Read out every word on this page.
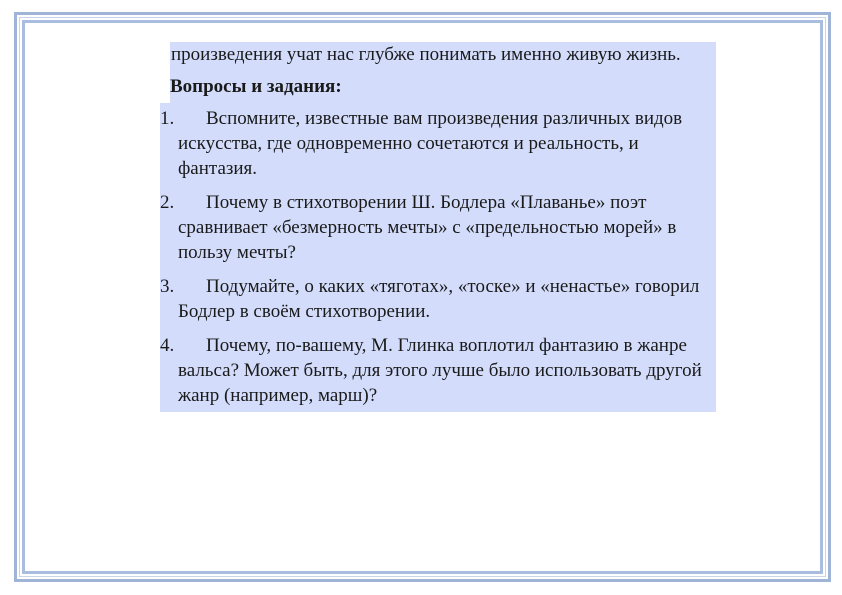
произведения учат нас глубже понимать именно живую жизнь.
Вопросы и задания:
1. Вспомните, известные вам произведения различных видов искусства, где одновременно сочетаются и реальность, и фантазия.
2. Почему в стихотворении Ш. Бодлера «Плаванье» поэт сравнивает «безмерность мечты» с «предельностью морей» в пользу мечты?
3. Подумайте, о каких «тяготах», «тоске» и «ненастье» говорил Бодлер в своём стихотворении.
4. Почему, по-вашему, М. Глинка воплотил фантазию в жанре вальса? Может быть, для этого лучше было использовать другой жанр (например, марш)?
